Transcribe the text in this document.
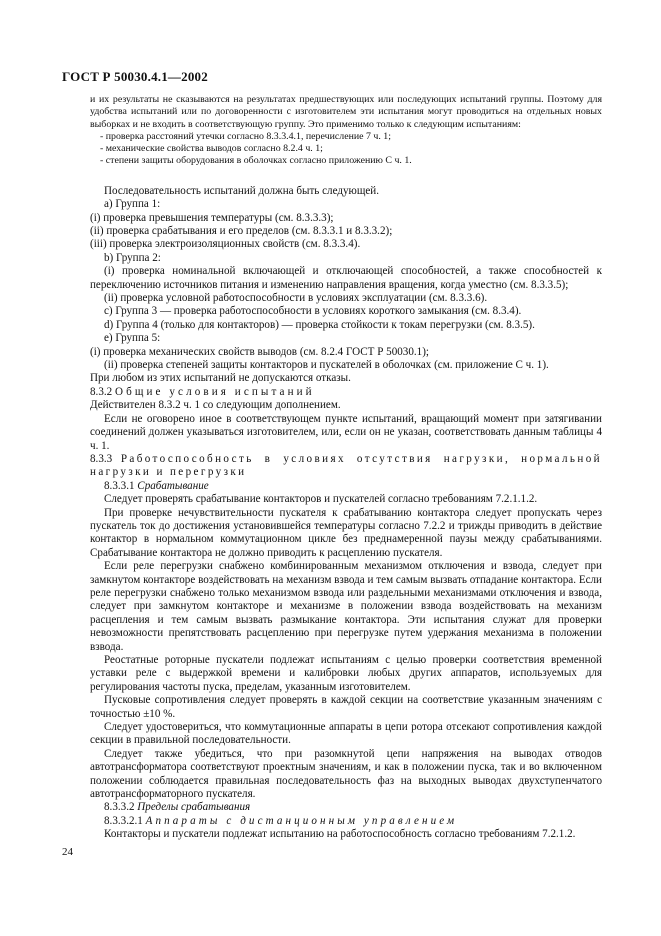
ГОСТ Р 50030.4.1—2002

и их результаты не сказываются на результатах предшествующих или последующих испытаний группы. Поэтому для удобства испытаний или по договоренности с изготовителем эти испытания могут проводиться на отдельных новых выборках и не входить в соответствующую группу. Это применимо только к следующим испытаниям:

- проверка расстояний утечки согласно 8.3.3.4.1, перечисление 7 ч. 1;

- механические свойства выводов согласно 8.2.4 ч. 1;

- степени защиты оборудования в оболочках согласно приложению С ч. 1.

Последовательность испытаний должна быть следующей.

а) Группа 1:

(i) проверка превышения температуры (см. 8.3.3.3);

(ii) проверка срабатывания и его пределов (см. 8.3.3.1 и 8.3.3.2);

(iii) проверка электроизоляционных свойств (см. 8.3.3.4).

b) Группа 2:

(i) проверка номинальной включающей и отключающей способностей, а также способностей к переключению источников питания и изменению направления вращения, когда уместно (см. 8.3.3.5);

(ii) проверка условной работоспособности в условиях эксплуатации (см. 8.3.3.6).

c) Группа 3 — проверка работоспособности в условиях короткого замыкания (см. 8.3.4).

d) Группа 4 (только для контакторов) — проверка стойкости к токам перегрузки (см. 8.3.5).

e) Группа 5:

(i) проверка механических свойств выводов (см. 8.2.4 ГОСТ Р 50030.1);

(ii) проверка степеней защиты контакторов и пускателей в оболочках (см. приложение С ч. 1).

При любом из этих испытаний не допускаются отказы.

8.3.2 Общие условия испытаний

Действителен 8.3.2 ч. 1 со следующим дополнением.

Если не оговорено иное в соответствующем пункте испытаний, вращающий момент при затягивании соединений должен указываться изготовителем, или, если он не указан, соответствовать данным таблицы 4 ч. 1.

8.3.3 Работоспособность в условиях отсутствия нагрузки, нормальной нагрузки и перегрузки

8.3.3.1 Срабатывание

Следует проверять срабатывание контакторов и пускателей согласно требованиям 7.2.1.1.2.

При проверке нечувствительности пускателя к срабатыванию контактора следует пропускать через пускатель ток до достижения установившейся температуры согласно 7.2.2 и трижды приводить в действие контактор в нормальном коммутационном цикле без преднамеренной паузы между срабатываниями. Срабатывание контактора не должно приводить к расцеплению пускателя.

Если реле перегрузки снабжено комбинированным механизмом отключения и взвода, следует при замкнутом контакторе воздействовать на механизм взвода и тем самым вызвать отпадание контактора. Если реле перегрузки снабжено только механизмом взвода или раздельными механизмами отключения и взвода, следует при замкнутом контакторе и механизме в положении взвода воздействовать на механизм расцепления и тем самым вызвать размыкание контактора. Эти испытания служат для проверки невозможности препятствовать расцеплению при перегрузке путем удержания механизма в положении взвода.

Реостатные роторные пускатели подлежат испытаниям с целью проверки соответствия временной уставки реле с выдержкой времени и калибровки любых других аппаратов, используемых для регулирования частоты пуска, пределам, указанным изготовителем.

Пусковые сопротивления следует проверять в каждой секции на соответствие указанным значениям с точностью ±10 %.

Следует удостовериться, что коммутационные аппараты в цепи ротора отсекают сопротивления каждой секции в правильной последовательности.

Следует также убедиться, что при разомкнутой цепи напряжения на выводах отводов автотрансформатора соответствуют проектным значениям, и как в положении пуска, так и во включенном положении соблюдается правильная последовательность фаз на выходных выводах двухступенчатого автотрансформаторного пускателя.

8.3.3.2 Пределы срабатывания

8.3.3.2.1 Аппараты с дистанционным управлением

Контакторы и пускатели подлежат испытанию на работоспособность согласно требованиям 7.2.1.2.

24
